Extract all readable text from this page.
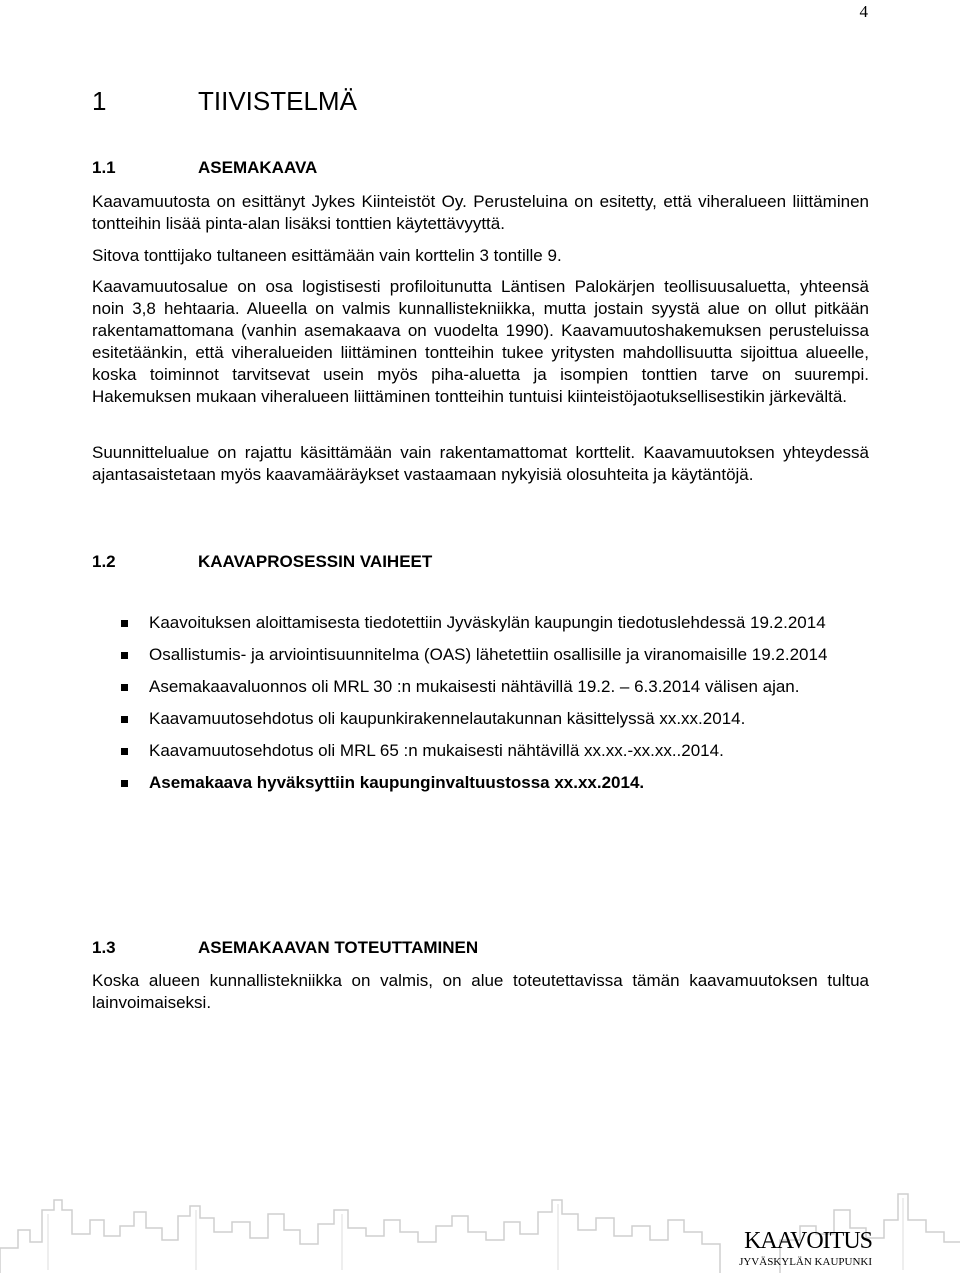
4
1	TIIVISTELMÄ
1.1	ASEMAKAAVA

Kaavamuutosta on esittänyt Jykes Kiinteistöt Oy. Perusteluina on esitetty, että viheralueen liittäminen tontteihin lisää pinta-alan lisäksi tonttien käytettävyyttä.

Sitova tonttijako tultaneen esittämään vain korttelin 3 tontille 9.

Kaavamuutosalue on osa logistisesti profiloitunutta Läntisen Palokärjen teollisuusaluetta, yhteensä noin 3,8 hehtaaria. Alueella on valmis kunnallistekniikka, mutta jostain syystä alue on ollut pitkään rakentamattomana (vanhin asemakaava on vuodelta 1990). Kaavamuutoshakemuksen perusteluissa esitetäänkin, että viheralueiden liittäminen tontteihin tukee yritysten mahdollisuutta sijoittua alueelle, koska toiminnot tarvitsevat usein myös piha-aluetta ja isompien tonttien tarve on suurempi. Hakemuksen mukaan viheralueen liittäminen tontteihin tuntuisi kiinteistöjaotuksellisestikin järkevältä.

Suunnittelualue on rajattu käsittämään vain rakentamattomat korttelit. Kaavamuutoksen yhteydessä ajantasaistetaan myös kaavamääräykset vastaamaan nykyisiä olosuhteita ja käytäntöjä.

1.2	KAAVAPROSESSIN VAIHEET
Kaavoituksen aloittamisesta tiedotettiin Jyväskylän kaupungin tiedotuslehdessä 19.2.2014
Osallistumis- ja arviointisuunnitelma (OAS) lähetettiin osallisille ja viranomaisille 19.2.2014
Asemakaavaluonnos oli MRL 30 :n mukaisesti nähtävillä 19.2. – 6.3.2014 välisen ajan.
Kaavamuutosehdotus oli kaupunkirakennelautakunnan käsittelyssä xx.xx.2014.
Kaavamuutosehdotus oli MRL 65 :n mukaisesti nähtävillä xx.xx.-xx.xx..2014.
Asemakaava hyväksyttiin kaupunginvaltuustossa xx.xx.2014.
1.3	ASEMAKAAVAN TOTEUTTAMINEN

Koska alueen kunnallistekniikka on valmis, on alue toteutettavissa tämän kaavamuutoksen tultua lainvoimaiseksi.

KAAVOITUS
JYVÄSKYLÄN KAUPUNKI
